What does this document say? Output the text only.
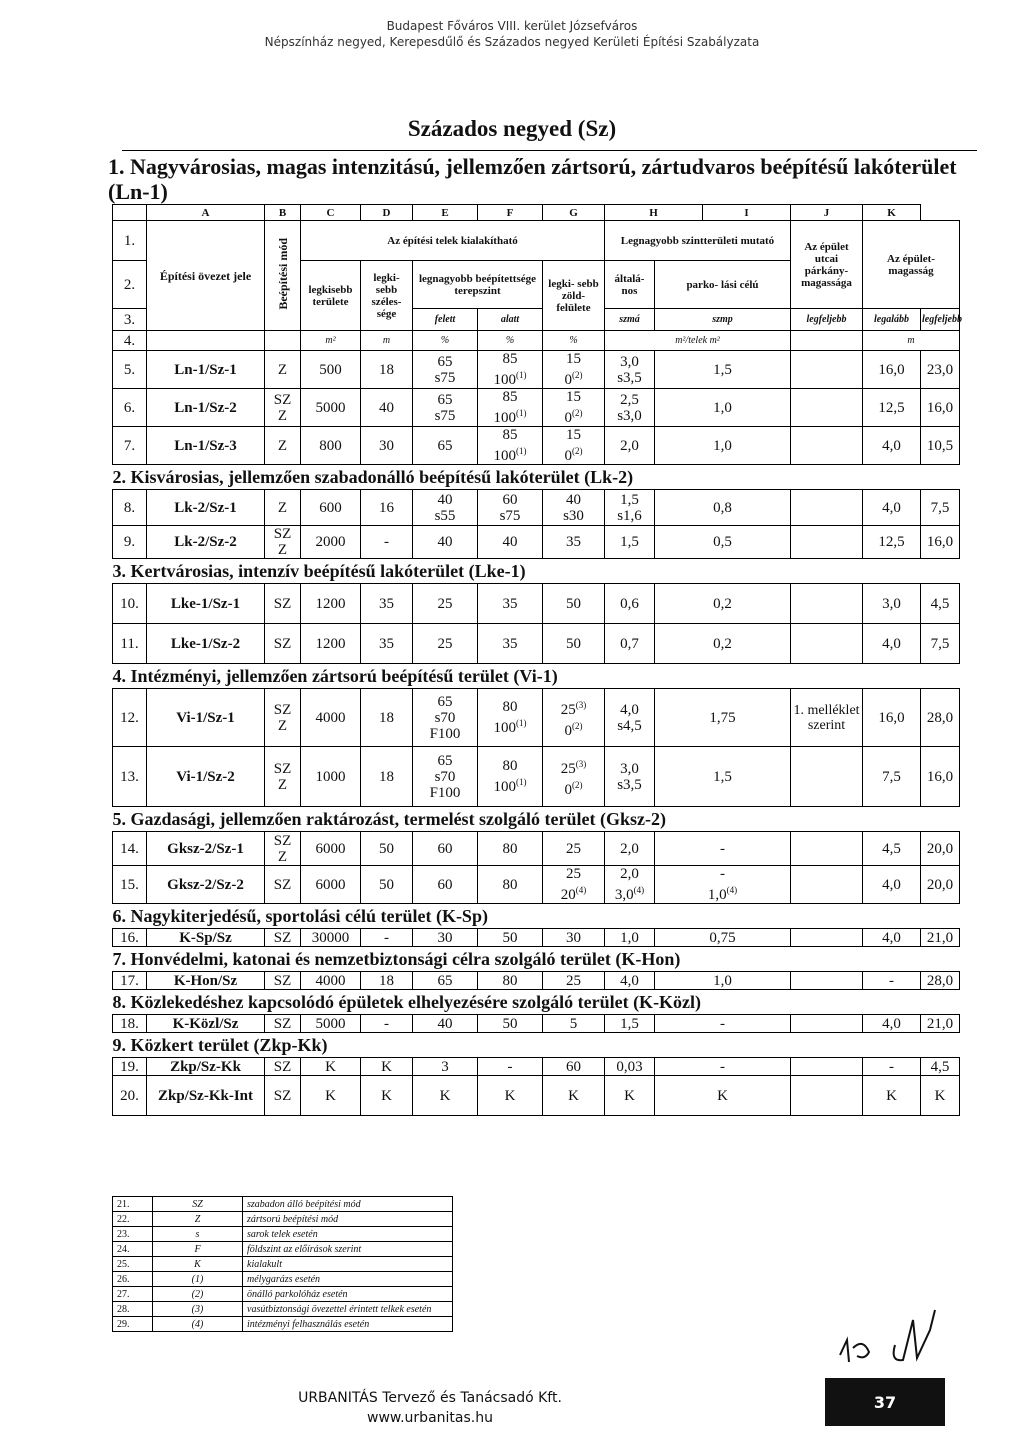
Budapest Főváros VIII. kerület Józsefváros
Népszínház negyed, Kerepesdűlő és Százados negyed Kerületi Építési Szabályzata
Százados negyed (Sz)
1. Nagyvárosias, magas intenzitású, jellemzően zártsorú, zártudvaros beépítésű lakóterület (Ln-1)
	A	B	C	D	E	F	G	H		I	J	K	
1.	Építési övezet jele	Beépítési mód	Az építési telek kialakítható					Legnagyobb szintterületi mutató			Az épület utcai párkány- magassága	Az épület- magasság	
2.			legkisebb területe	legki- sebb széles- sége	legnagyobb beépítettsége terepszint		legki- sebb zöld- felülete	általá- nos	parko- lási célú				
3.					felett	alatt		szmá	szmp		legfeljebb	legalább	legfeljebb
4.			m²	m	%	%	%	m²/telek m²				m	
5.	Ln-1/Sz-1	Z	500	18	65
s75	85
100$^{(1)}$	15
0$^{(2)}$	3,0
s3,5	1,5			16,0	23,0
6.	Ln-1/Sz-2	SZ
Z	5000	40	65
s75	85
100$^{(1)}$	15
0$^{(2)}$	2,5
s3,0	1,0			12,5	16,0
7.	Ln-1/Sz-3	Z	800	30	65	85
100$^{(1)}$	15
0$^{(2)}$	2,0	1,0			4,0	10,5
2. Kisvárosias, jellemzően szabadonálló beépítésű lakóterület (Lk-2)													
8.	Lk-2/Sz-1	Z	600	16	40
s55	60
s75	40
s30	1,5
s1,6	0,8			4,0	7,5
9.	Lk-2/Sz-2	SZ
Z	2000	-	40	40	35	1,5	0,5			12,5	16,0
3. Kertvárosias, intenzív beépítésű lakóterület (Lke-1)													
10.	Lke-1/Sz-1	SZ	1200	35	25	35	50	0,6	0,2			3,0	4,5
11.	Lke-1/Sz-2	SZ	1200	35	25	35	50	0,7	0,2			4,0	7,5
4. Intézményi, jellemzően zártsorú beépítésű terület (Vi-1)													
12.	Vi-1/Sz-1	SZ
Z	4000	18	65
s70
F100	80
100$^{(1)}$	25$^{(3)}$
0$^{(2)}$	4,0
s4,5	1,75		1. melléklet szerint	16,0	28,0
13.	Vi-1/Sz-2	SZ
Z	1000	18	65
s70
F100	80
100$^{(1)}$	25$^{(3)}$
0$^{(2)}$	3,0
s3,5	1,5			7,5	16,0
5. Gazdasági, jellemzően raktározást, termelést szolgáló terület (Gksz-2)													
14.	Gksz-2/Sz-1	SZ
Z	6000	50	60	80	25	2,0	-			4,5	20,0
15.	Gksz-2/Sz-2	SZ	6000	50	60	80	25
20$^{(4)}$	2,0
3,0$^{(4)}$	-
1,0$^{(4)}$			4,0	20,0
6. Nagykiterjedésű, sportolási célú terület (K-Sp)													
16.	K-Sp/Sz	SZ	30000	-	30	50	30	1,0	0,75			4,0	21,0
7. Honvédelmi, katonai és nemzetbiztonsági célra szolgáló terület (K-Hon)													
17.	K-Hon/Sz	SZ	4000	18	65	80	25	4,0	1,0			-	28,0
8. Közlekedéshez kapcsolódó épületek elhelyezésére szolgáló terület (K-Közl)													
18.	K-Közl/Sz	SZ	5000	-	40	50	5	1,5	-			4,0	21,0
9. Közkert terület (Zkp-Kk)													
19.	Zkp/Sz-Kk	SZ	K	K	3	-	60	0,03	-			-	4,5
20.	Zkp/Sz-Kk-Int	SZ	K	K	K	K	K	K	K			K	K
21.	SZ	szabadon álló beépítési mód
22.	Z	zártsorú beépítési mód
23.	s	sarok telek esetén
24.	F	földszint az előírások szerint
25.	K	kialakult
26.	(1)	mélygarázs esetén
27.	(2)	önálló parkolóház esetén
28.	(3)	vasútbiztonsági övezettel érintett telkek esetén
29.	(4)	intézményi felhasználás esetén
URBANITÁS Tervező és Tanácsadó Kft.
www.urbanitas.hu
37
